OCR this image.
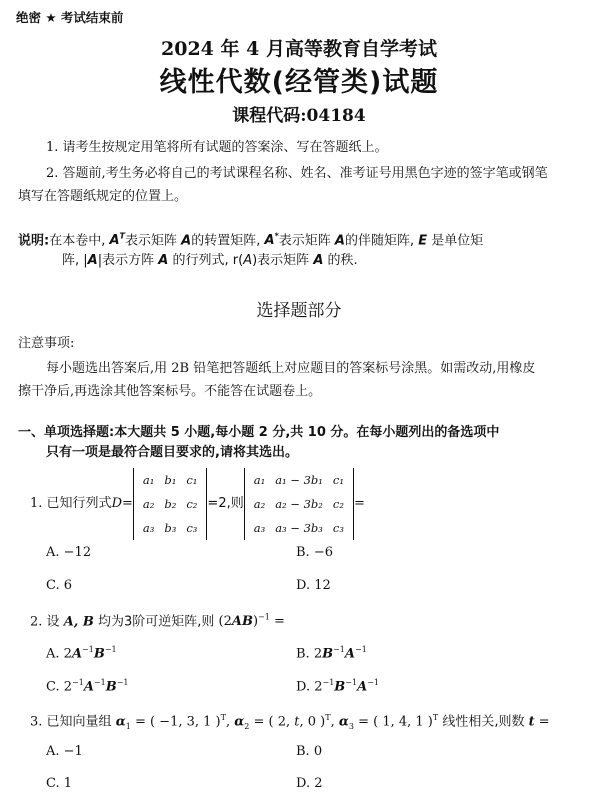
绝密 ★ 考试结束前
2024 年 4 月高等教育自学考试
线性代数(经管类)试题
课程代码:04184
1. 请考生按规定用笔将所有试题的答案涂、写在答题纸上。
2. 答题前,考生务必将自己的考试课程名称、姓名、准考证号用黑色字迹的签字笔或钢笔
填写在答题纸规定的位置上。
说明:在本卷中, $A^T$表示矩阵 A的转置矩阵, A*表示矩阵 A的伴随矩阵, E 是单位矩
阵, |A|表示方阵 A 的行列式, r(A)表示矩阵 A 的秩.
选择题部分
注意事项:
每小题选出答案后,用 2B 铅笔把答题纸上对应题目的答案标号涂黑。如需改动,用橡皮
擦干净后,再选涂其他答案标号。不能答在试题卷上。
一、单项选择题:本大题共 5 小题,每小题 2 分,共 10 分。在每小题列出的备选项中
只有一项是最符合题目要求的,请将其选出。
1.
已知行列式 D =
a₁	b₁	c₁
a₂	b₂	c₂
a₃	b₃	c₃
=2,则
a₁	a₁ − 3b₁	c₁
a₂	a₂ − 3b₂	c₂
a₃	a₃ − 3b₃	c₃
=
A. −12	B. −6
C. 6	D. 12
2. 设 A, B 均为3阶可逆矩阵,则 $(2AB)^{-1}$ =
A. $2A^{-1}B^{-1}$	B. $2B^{-1}A^{-1}$
C. $2^{-1}A^{-1}B^{-1}$	D. $2^{-1}B^{-1}A^{-1}$
3. 已知向量组 $\alpha_1$ = ( −1, 3, 1 )$^T$, $\alpha_2$ = ( 2, t, 0 )$^T$, $\alpha_3$ = ( 1, 4, 1 )$^T$ 线性相关,则数 t =
A. −1	B. 0
C. 1	D. 2
